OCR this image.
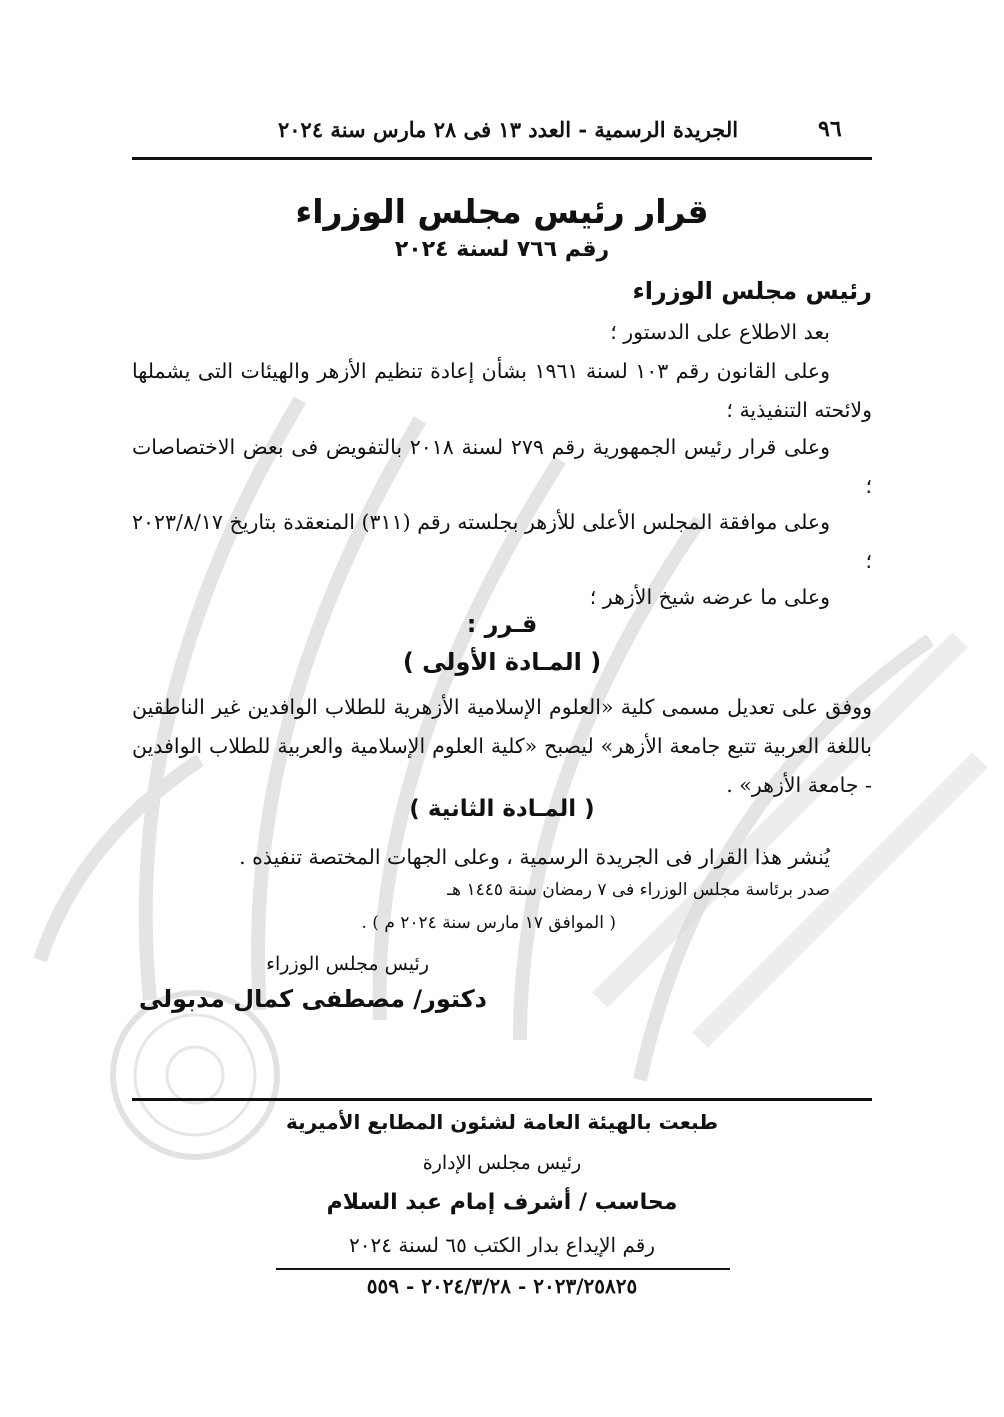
٩٦
الجريدة الرسمية - العدد ١٣ فى ٢٨ مارس سنة ٢٠٢٤
قرار رئيس مجلس الوزراء
رقم ٧٦٦ لسنة ٢٠٢٤
رئيس مجلس الوزراء
بعد الاطلاع على الدستور ؛
وعلى القانون رقم ١٠٣ لسنة ١٩٦١ بشأن إعادة تنظيم الأزهر والهيئات التى يشملها ولائحته التنفيذية ؛
وعلى قرار رئيس الجمهورية رقم ٢٧٩ لسنة ٢٠١٨ بالتفويض فى بعض الاختصاصات ؛
وعلى موافقة المجلس الأعلى للأزهر بجلسته رقم (٣١١) المنعقدة بتاريخ ٢٠٢٣/٨/١٧ ؛
وعلى ما عرضه شيخ الأزهر ؛
قـرر :
( المـادة الأولى )
ووفق على تعديل مسمى كلية «العلوم الإسلامية الأزهرية للطلاب الوافدين غير الناطقين باللغة العربية تتبع جامعة الأزهر» ليصبح «كلية العلوم الإسلامية والعربية للطلاب الوافدين - جامعة الأزهر» .
( المـادة الثانية )
يُنشر هذا القرار فى الجريدة الرسمية ، وعلى الجهات المختصة تنفيذه .
صدر برئاسة مجلس الوزراء فى ٧ رمضان سنة ١٤٤٥ هـ
( الموافق ١٧ مارس سنة ٢٠٢٤ م ) .
رئيس مجلس الوزراء
دكتور/ مصطفى كمال مدبولى
طبعت بالهيئة العامة لشئون المطابع الأميرية
رئيس مجلس الإدارة
محاسب / أشرف إمام عبد السلام
رقم الإيداع بدار الكتب ٦٥ لسنة ٢٠٢٤
٢٠٢٣/٢٥٨٢٥ - ٢٠٢٤/٣/٢٨ - ٥٥٩
